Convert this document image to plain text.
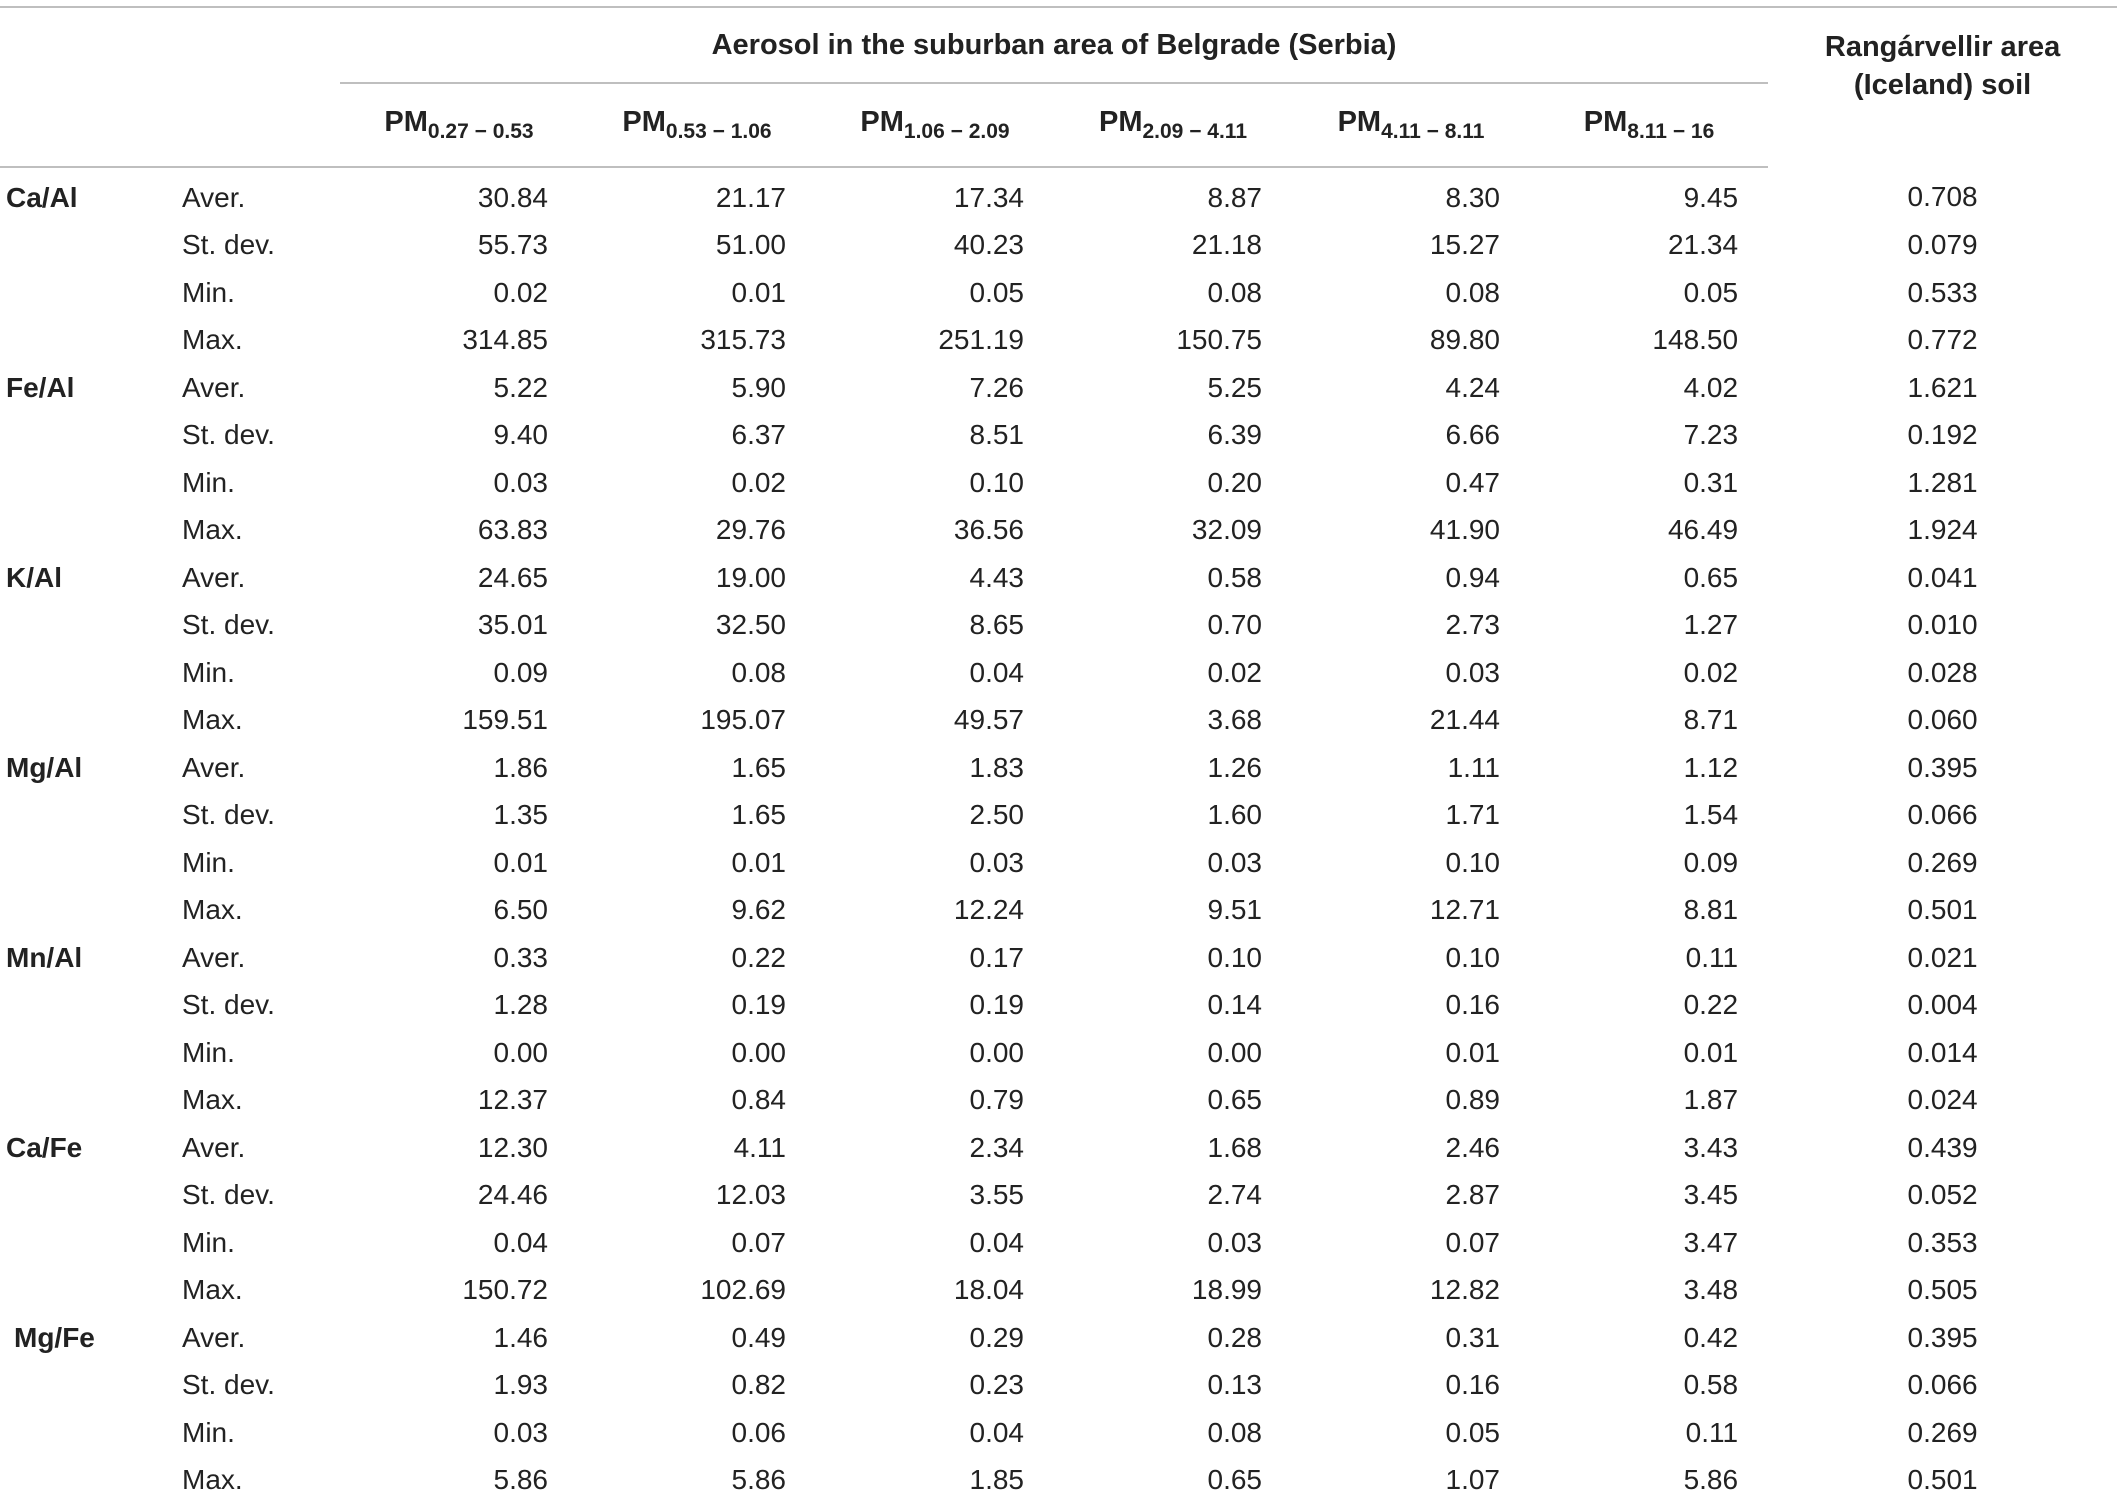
		Aerosol in the suburban area of Belgrade (Serbia)						Rangárvellir area
(Iceland) soil
		$PM_{0.27 - 0.53}$	$PM_{0.53 - 1.06}$	$PM_{1.06 - 2.09}$	$PM_{2.09 - 4.11}$	$PM_{4.11 - 8.11}$	$PM_{8.11 - 16}$
Ca/Al	Aver.	30.84	21.17	17.34	8.87	8.30	9.45	0.708
	St. dev.	55.73	51.00	40.23	21.18	15.27	21.34	0.079
	Min.	0.02	0.01	0.05	0.08	0.08	0.05	0.533
	Max.	314.85	315.73	251.19	150.75	89.80	148.50	0.772
Fe/Al	Aver.	5.22	5.90	7.26	5.25	4.24	4.02	1.621
	St. dev.	9.40	6.37	8.51	6.39	6.66	7.23	0.192
	Min.	0.03	0.02	0.10	0.20	0.47	0.31	1.281
	Max.	63.83	29.76	36.56	32.09	41.90	46.49	1.924
K/Al	Aver.	24.65	19.00	4.43	0.58	0.94	0.65	0.041
	St. dev.	35.01	32.50	8.65	0.70	2.73	1.27	0.010
	Min.	0.09	0.08	0.04	0.02	0.03	0.02	0.028
	Max.	159.51	195.07	49.57	3.68	21.44	8.71	0.060
Mg/Al	Aver.	1.86	1.65	1.83	1.26	1.11	1.12	0.395
	St. dev.	1.35	1.65	2.50	1.60	1.71	1.54	0.066
	Min.	0.01	0.01	0.03	0.03	0.10	0.09	0.269
	Max.	6.50	9.62	12.24	9.51	12.71	8.81	0.501
Mn/Al	Aver.	0.33	0.22	0.17	0.10	0.10	0.11	0.021
	St. dev.	1.28	0.19	0.19	0.14	0.16	0.22	0.004
	Min.	0.00	0.00	0.00	0.00	0.01	0.01	0.014
	Max.	12.37	0.84	0.79	0.65	0.89	1.87	0.024
Ca/Fe	Aver.	12.30	4.11	2.34	1.68	2.46	3.43	0.439
	St. dev.	24.46	12.03	3.55	2.74	2.87	3.45	0.052
	Min.	0.04	0.07	0.04	0.03	0.07	3.47	0.353
	Max.	150.72	102.69	18.04	18.99	12.82	3.48	0.505
Mg/Fe	Aver.	1.46	0.49	0.29	0.28	0.31	0.42	0.395
	St. dev.	1.93	0.82	0.23	0.13	0.16	0.58	0.066
	Min.	0.03	0.06	0.04	0.08	0.05	0.11	0.269
	Max.	5.86	5.86	1.85	0.65	1.07	5.86	0.501
